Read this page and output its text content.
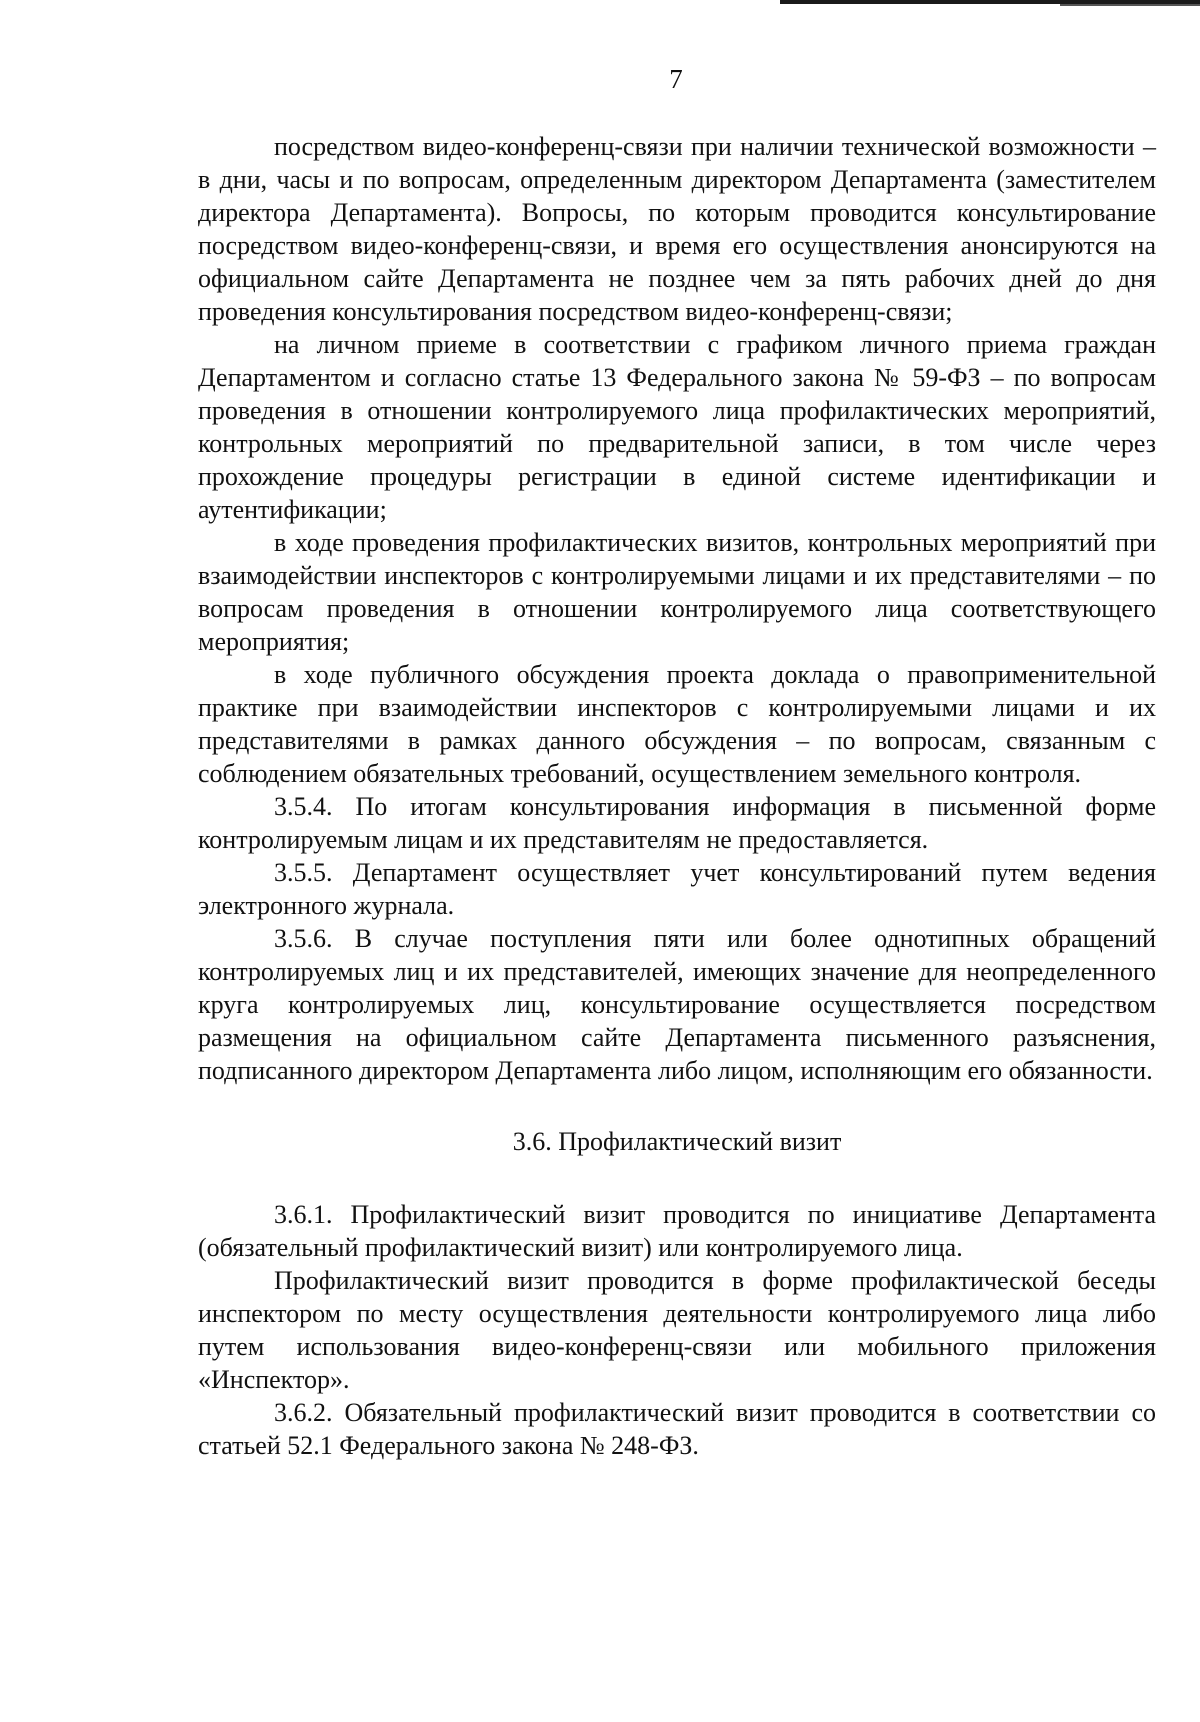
7

посредством видео-конференц-связи при наличии технической возможности – в дни, часы и по вопросам, определенным директором Департамента (заместителем директора Департамента). Вопросы, по которым проводится консультирование посредством видео-конференц-связи, и время его осуществления анонсируются на официальном сайте Департамента не позднее чем за пять рабочих дней до дня проведения консультирования посредством видео-конференц-связи;

на личном приеме в соответствии с графиком личного приема граждан Департаментом и согласно статье 13 Федерального закона № 59-ФЗ – по вопросам проведения в отношении контролируемого лица профилактических мероприятий, контрольных мероприятий по предварительной записи, в том числе через прохождение процедуры регистрации в единой системе идентификации и аутентификации;

в ходе проведения профилактических визитов, контрольных мероприятий при взаимодействии инспекторов с контролируемыми лицами и их представителями – по вопросам проведения в отношении контролируемого лица соответствующего мероприятия;

в ходе публичного обсуждения проекта доклада о правоприменительной практике при взаимодействии инспекторов с контролируемыми лицами и их представителями в рамках данного обсуждения – по вопросам, связанным с соблюдением обязательных требований, осуществлением земельного контроля.

3.5.4. По итогам консультирования информация в письменной форме контролируемым лицам и их представителям не предоставляется.

3.5.5. Департамент осуществляет учет консультирований путем ведения электронного журнала.

3.5.6. В случае поступления пяти или более однотипных обращений контролируемых лиц и их представителей, имеющих значение для неопределенного круга контролируемых лиц, консультирование осуществляется посредством размещения на официальном сайте Департамента письменного разъяснения, подписанного директором Департамента либо лицом, исполняющим его обязанности.

3.6. Профилактический визит

3.6.1. Профилактический визит проводится по инициативе Департамента (обязательный профилактический визит) или контролируемого лица.

Профилактический визит проводится в форме профилактической беседы инспектором по месту осуществления деятельности контролируемого лица либо путем использования видео-конференц-связи или мобильного приложения «Инспектор».

3.6.2. Обязательный профилактический визит проводится в соответствии со статьей 52.1 Федерального закона № 248-ФЗ.
